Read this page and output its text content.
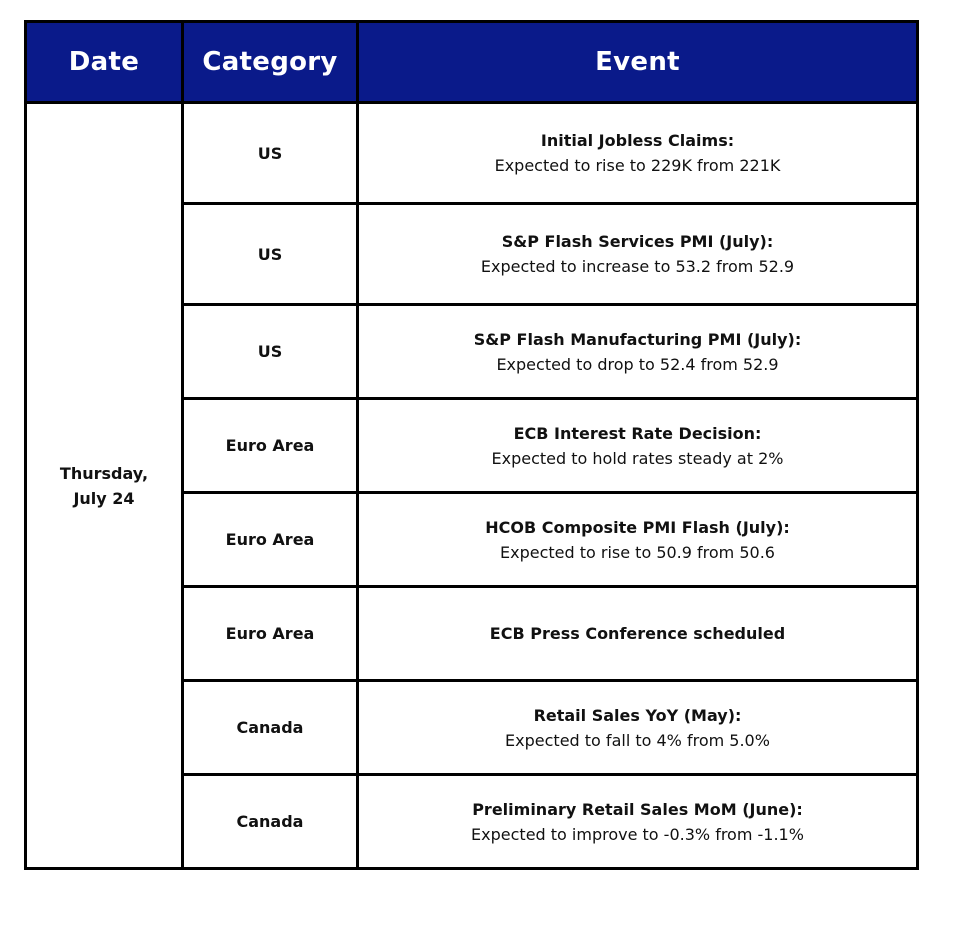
Date	Category	Event

Thursday,
July 24	US	Initial Jobless Claims:
Expected to rise to 229K from 221K

	US	S&P Flash Services PMI (July):
Expected to increase to 53.2 from 52.9

	US	S&P Flash Manufacturing PMI (July):
Expected to drop to 52.4 from 52.9

	Euro Area	ECB Interest Rate Decision:
Expected to hold rates steady at 2%

	Euro Area	HCOB Composite PMI Flash (July):
Expected to rise to 50.9 from 50.6

	Euro Area	ECB Press Conference scheduled

	Canada	Retail Sales YoY (May):
Expected to fall to 4% from 5.0%

	Canada	Preliminary Retail Sales MoM (June):
Expected to improve to -0.3% from -1.1%
